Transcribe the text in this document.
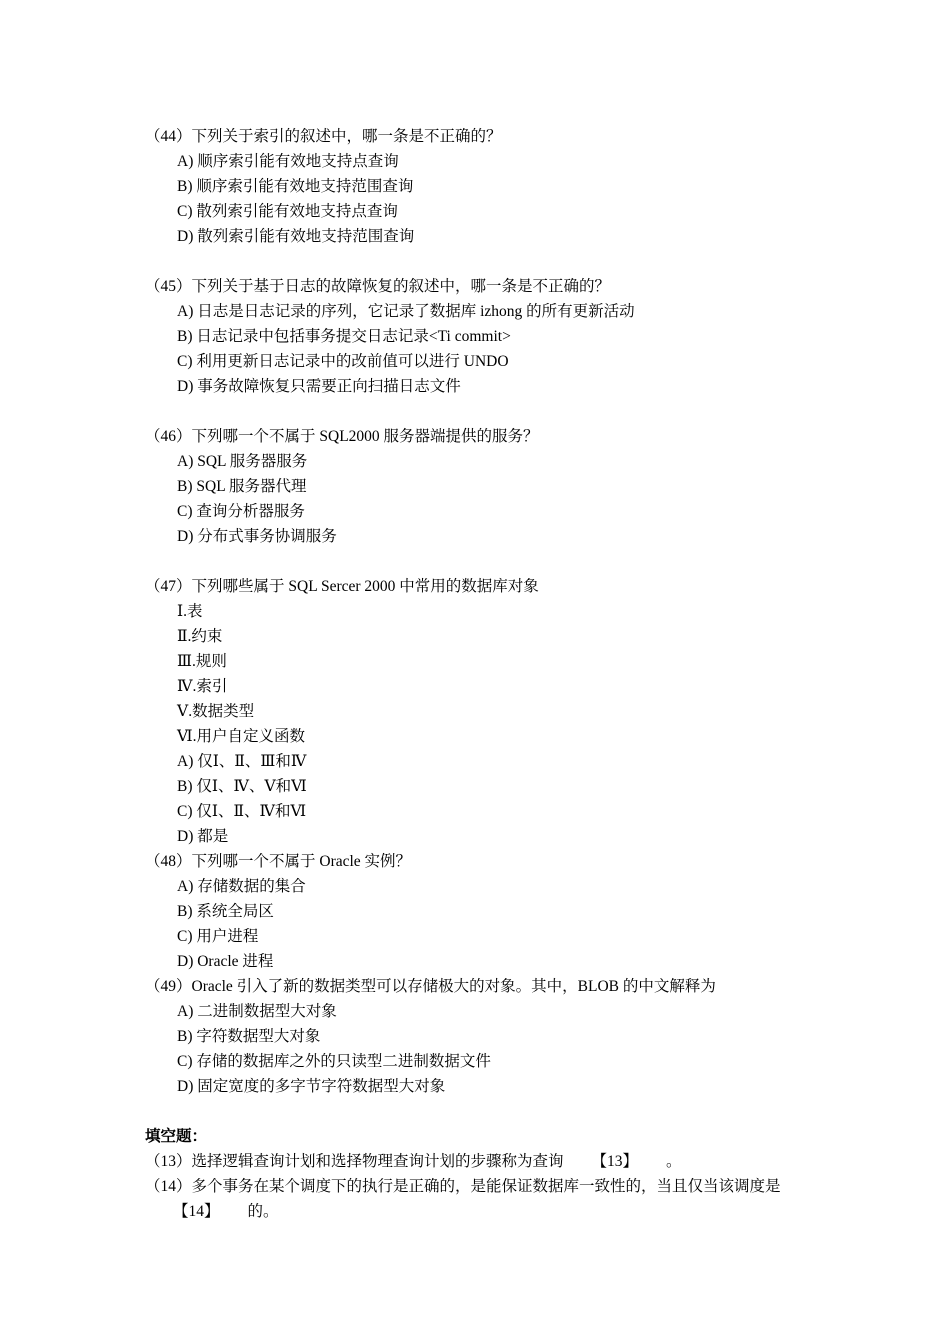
（44）下列关于索引的叙述中，哪一条是不正确的？
A) 顺序索引能有效地支持点查询
B) 顺序索引能有效地支持范围查询
C) 散列索引能有效地支持点查询
D) 散列索引能有效地支持范围查询
（45）下列关于基于日志的故障恢复的叙述中，哪一条是不正确的？
A) 日志是日志记录的序列，它记录了数据库 izhong 的所有更新活动
B) 日志记录中包括事务提交日志记录<Ti commit>
C) 利用更新日志记录中的改前值可以进行 UNDO
D) 事务故障恢复只需要正向扫描日志文件
（46）下列哪一个不属于 SQL2000 服务器端提供的服务？
A) SQL 服务器服务
B) SQL 服务器代理
C) 查询分析器服务
D) 分布式事务协调服务
（47）下列哪些属于 SQL Sercer 2000 中常用的数据库对象
Ⅰ.表
Ⅱ.约束
Ⅲ.规则
Ⅳ.索引
Ⅴ.数据类型
Ⅵ.用户自定义函数
A) 仅Ⅰ、Ⅱ、Ⅲ和Ⅳ
B) 仅Ⅰ、Ⅳ、Ⅴ和Ⅵ
C) 仅Ⅰ、Ⅱ、Ⅳ和Ⅵ
D) 都是
（48）下列哪一个不属于 Oracle 实例？
A) 存储数据的集合
B) 系统全局区
C) 用户进程
D) Oracle 进程
（49）Oracle 引入了新的数据类型可以存储极大的对象。其中，BLOB 的中文解释为
A) 二进制数据型大对象
B) 字符数据型大对象
C) 存储的数据库之外的只读型二进制数据文件
D) 固定宽度的多字节字符数据型大对象
填空题：
（13）选择逻辑查询计划和选择物理查询计划的步骤称为查询 【13】 。
（14）多个事务在某个调度下的执行是正确的，是能保证数据库一致性的，当且仅当该调度是【14】 的。
